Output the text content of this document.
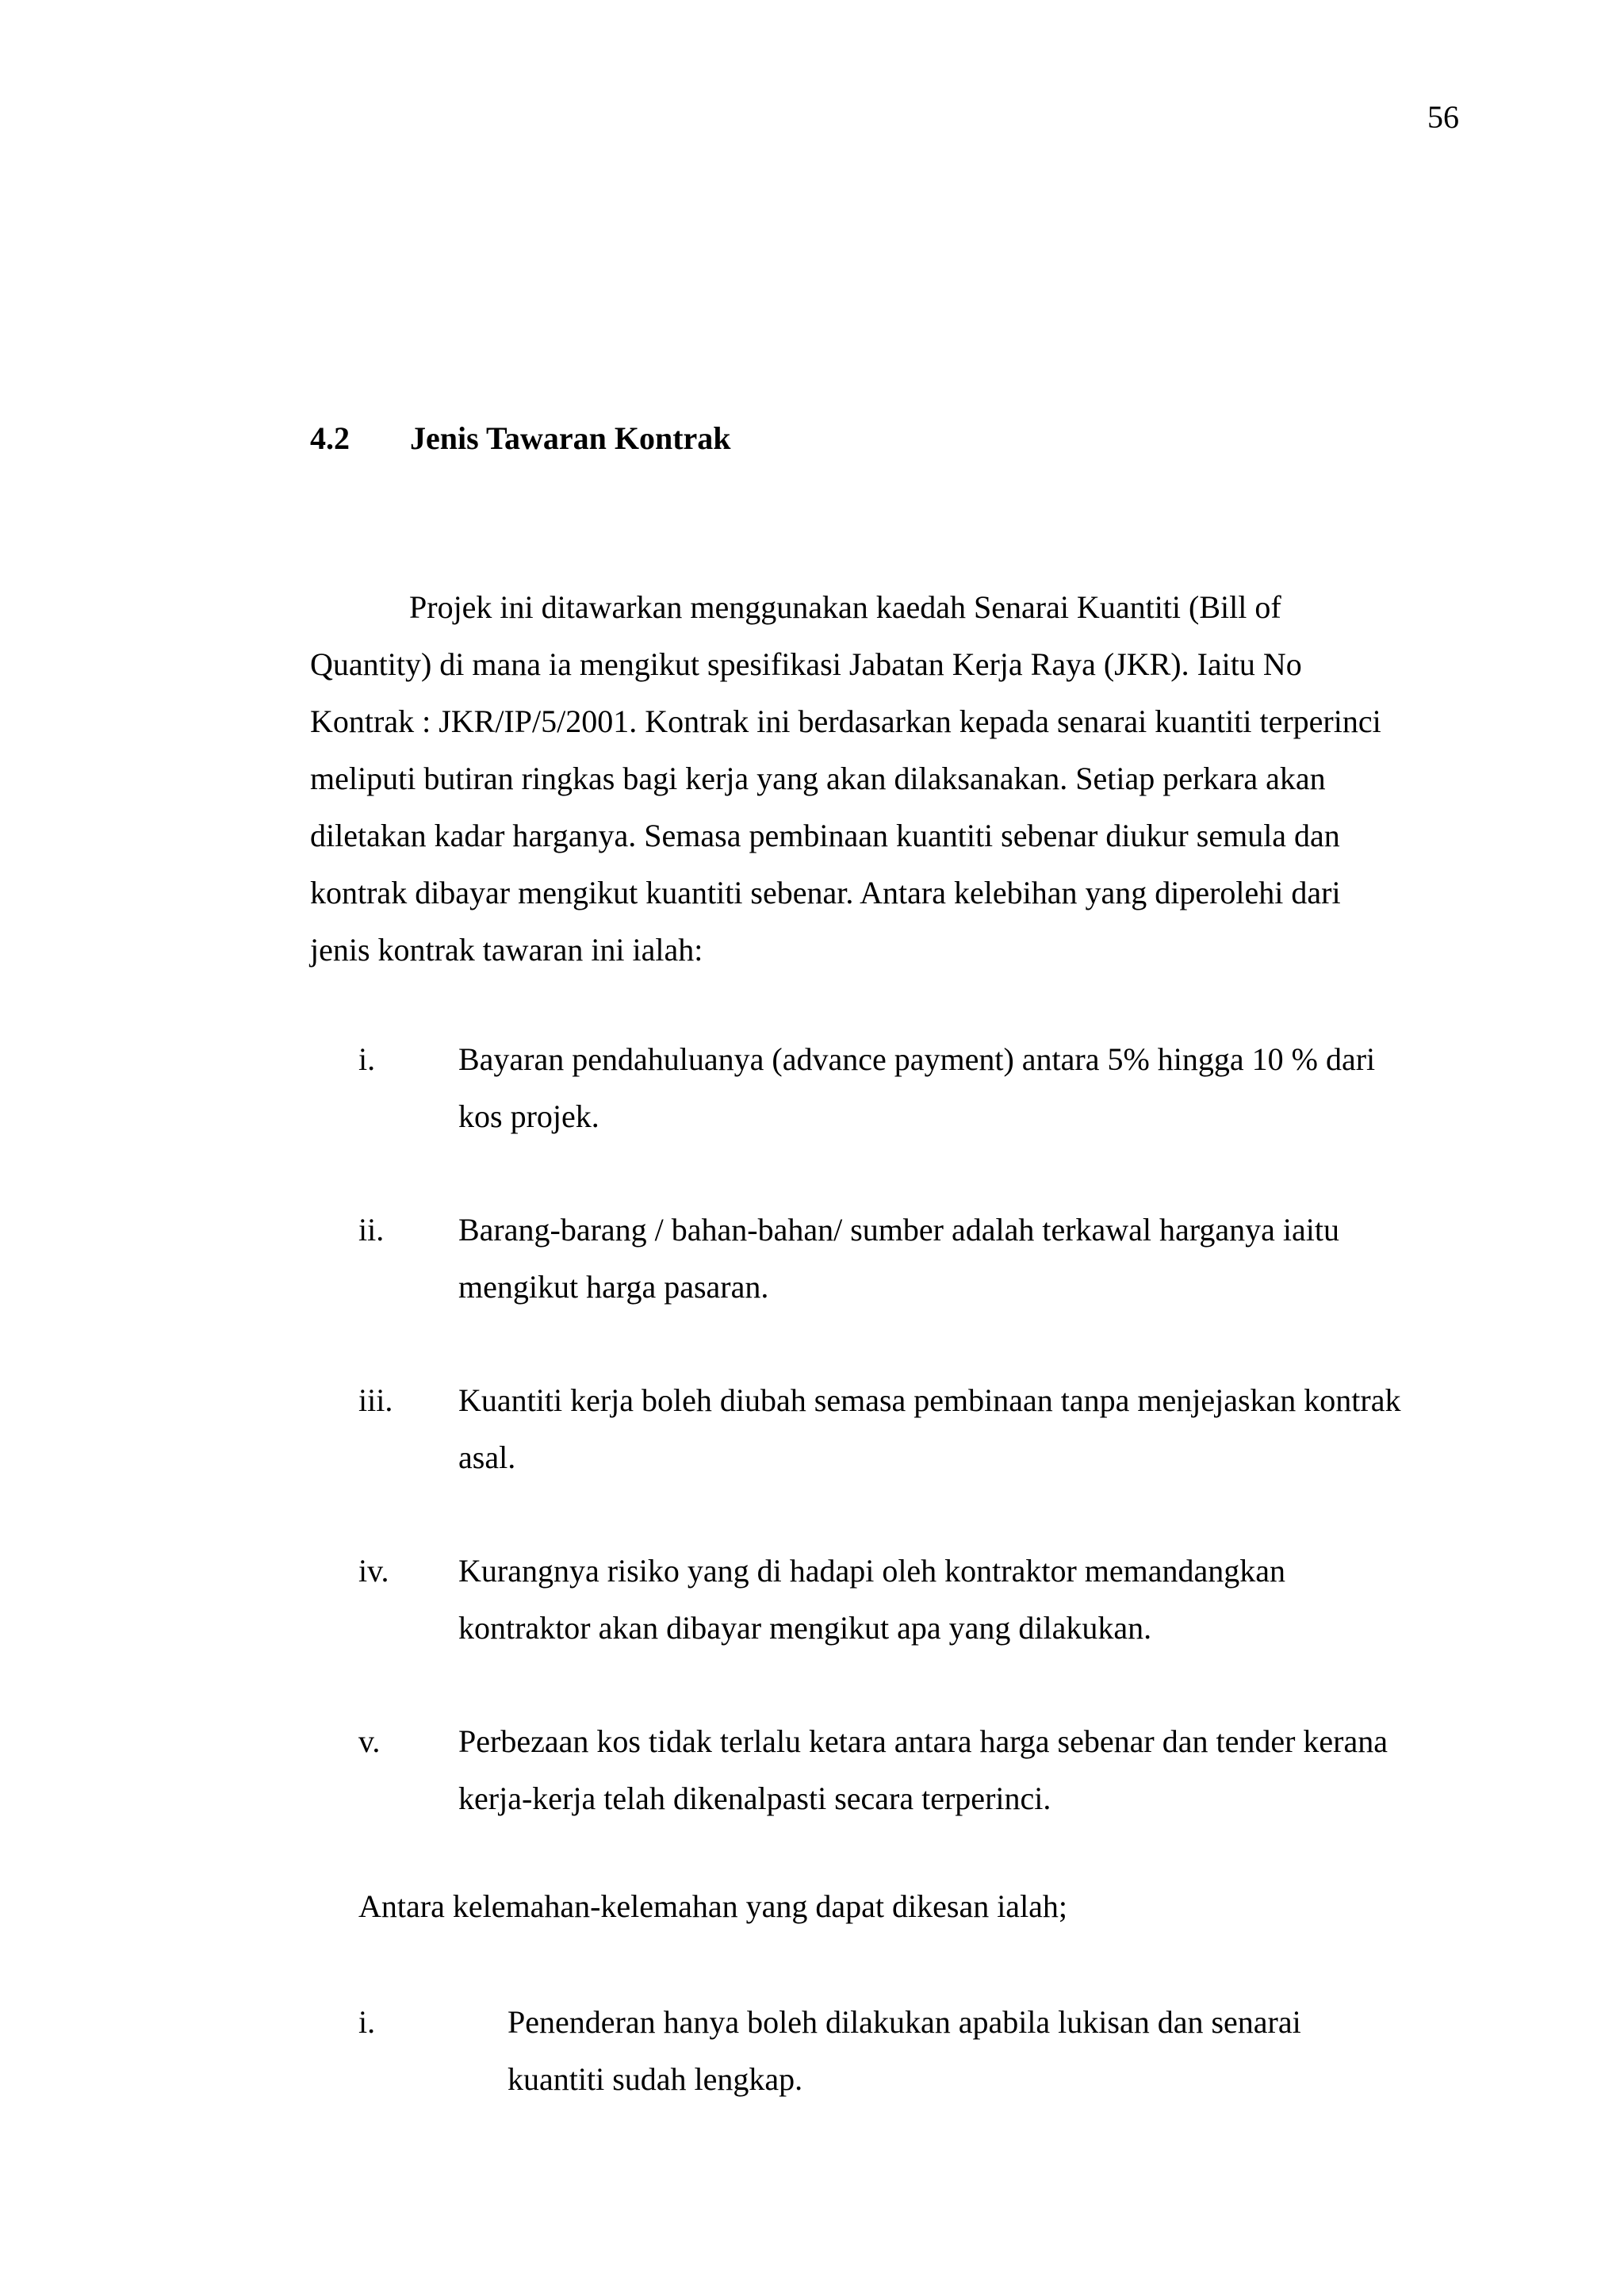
56
4.2 Jenis Tawaran Kontrak
Projek ini ditawarkan menggunakan kaedah Senarai Kuantiti (Bill of
Quantity) di mana ia mengikut spesifikasi Jabatan Kerja Raya (JKR). Iaitu No
Kontrak : JKR/IP/5/2001. Kontrak ini berdasarkan kepada senarai kuantiti terperinci
meliputi butiran ringkas bagi kerja yang akan dilaksanakan. Setiap perkara akan
diletakan kadar harganya. Semasa pembinaan kuantiti sebenar diukur semula dan
kontrak dibayar mengikut kuantiti sebenar. Antara kelebihan yang diperolehi dari
jenis kontrak tawaran ini ialah:
i.	Bayaran pendahuluanya (advance payment) antara 5% hingga 10 % dari
kos projek.
ii. Barang-barang / bahan-bahan/ sumber adalah terkawal harganya iaitu
mengikut harga pasaran.
iii. Kuantiti kerja boleh diubah semasa pembinaan tanpa menjejaskan kontrak
asal.
iv. Kurangnya risiko yang di hadapi oleh kontraktor memandangkan
kontraktor akan dibayar mengikut apa yang dilakukan.
v. Perbezaan kos tidak terlalu ketara antara harga sebenar dan tender kerana
kerja-kerja telah dikenalpasti secara terperinci.
Antara kelemahan-kelemahan yang dapat dikesan ialah;
i.	Penenderan hanya boleh dilakukan apabila lukisan dan senarai
kuantiti sudah lengkap.
